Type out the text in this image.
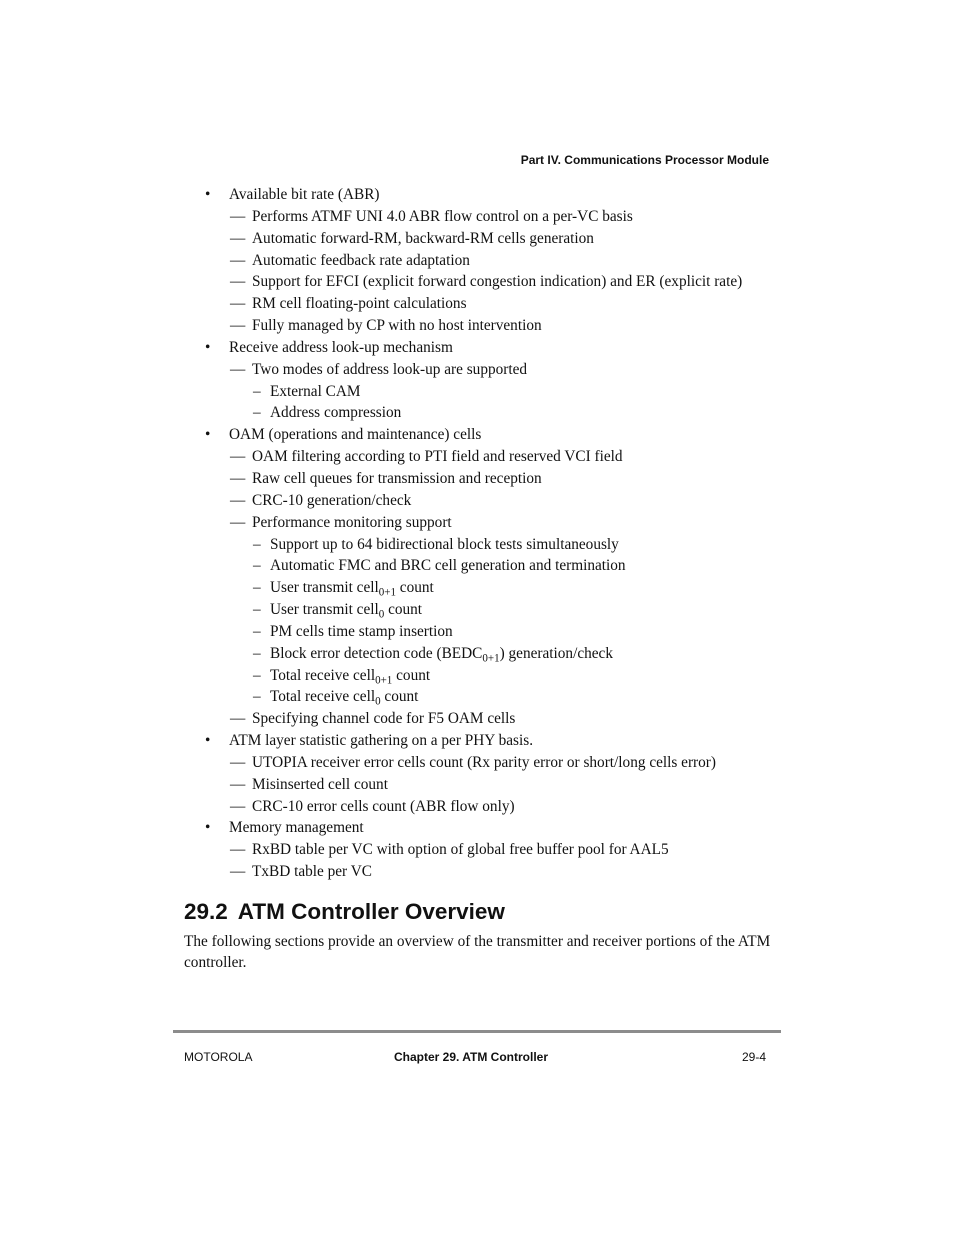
Part IV. Communications Processor Module
• Available bit rate (ABR)
— Performs ATMF UNI 4.0 ABR flow control on a per-VC basis
— Automatic forward-RM, backward-RM cells generation
— Automatic feedback rate adaptation
— Support for EFCI (explicit forward congestion indication) and ER (explicit rate)
— RM cell floating-point calculations
— Fully managed by CP with no host intervention
• Receive address look-up mechanism
— Two modes of address look-up are supported
– External CAM
– Address compression
• OAM (operations and maintenance) cells
— OAM filtering according to PTI field and reserved VCI field
— Raw cell queues for transmission and reception
— CRC-10 generation/check
— Performance monitoring support
– Support up to 64 bidirectional block tests simultaneously
– Automatic FMC and BRC cell generation and termination
– User transmit cell$_{0+1}$ count
– User transmit cell$_0$ count
– PM cells time stamp insertion
– Block error detection code $(BEDC_{0+1})$ generation/check
– Total receive cell$_{0+1}$ count
– Total receive cell$_0$ count
— Specifying channel code for F5 OAM cells
• ATM layer statistic gathering on a per PHY basis.
— UTOPIA receiver error cells count (Rx parity error or short/long cells error)
— Misinserted cell count
— CRC-10 error cells count (ABR flow only)
• Memory management
— RxBD table per VC with option of global free buffer pool for AAL5
— TxBD table per VC
29.2 ATM Controller Overview
The following sections provide an overview of the transmitter and receiver portions of the ATM controller.
MOTOROLA	Chapter 29. ATM Controller	29-4
